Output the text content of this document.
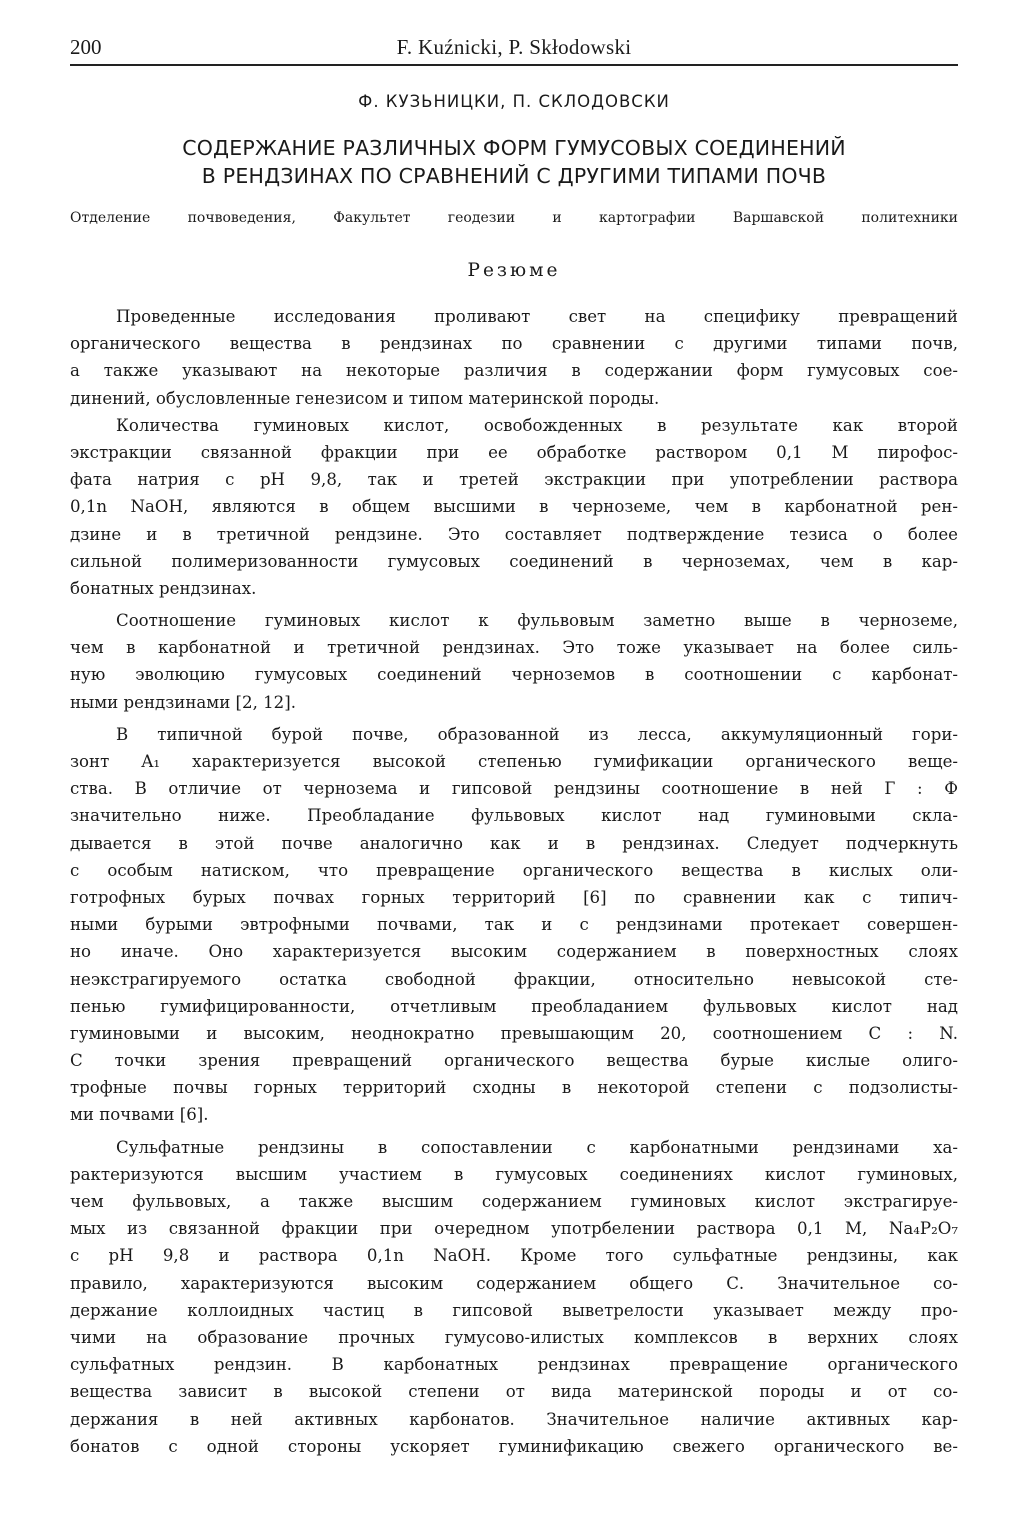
200	F. Kuźnicki, P. Skłodowski
Ф. КУЗЬНИЦКИ, П. СКЛОДОВСКИ
СОДЕРЖАНИЕ РАЗЛИЧНЫХ ФОРМ ГУМУСОВЫХ СОЕДИНЕНИЙ
В РЕНДЗИНАХ ПО СРАВНЕНИЙ С ДРУГИМИ ТИПАМИ ПОЧВ
Отделение почвоведения, Факультет геодезии и картографии Варшавской политехники
Резюме
Проведенные исследования проливают свет на специфику превращений
органического вещества в рендзинах по сравнении с другими типами почв,
а также указывают на некоторые различия в содержании форм гумусовых сое-
динений, обусловленные генезисом и типом материнской породы.
Количества гуминовых кислот, освобожденных в результате как второй
экстракции связанной фракции при ее обработке раствором 0,1 М пирофос-
фата натрия с pH 9,8, так и третей экстракции при употреблении раствора
0,1n NaOH, являются в общем высшими в черноземе, чем в карбонатной рен-
дзине и в третичной рендзине. Это составляет подтверждение тезиса о более
сильной полимеризованности гумусовых соединений в черноземах, чем в кар-
бонатных рендзинах.
Соотношение гуминовых кислот к фульвовым заметно выше в черноземе,
чем в карбонатной и третичной рендзинах. Это тоже указывает на более силь-
ную эволюцию гумусовых соединений черноземов в соотношении с карбонат-
ными рендзинами [2, 12].
В типичной бурой почве, образованной из лесса, аккумуляционный гори-
зонт A₁ характеризуется высокой степенью гумификации органического веще-
ства. В отличие от чернозема и гипсовой рендзины соотношение в ней Г : Ф
значительно ниже. Преобладание фульвовых кислот над гуминовыми скла-
дывается в этой почве аналогично как и в рендзинах. Следует подчеркнуть
с особым натиском, что превращение органического вещества в кислых оли-
готрофных бурых почвах горных территорий [6] по сравнении как с типич-
ными бурыми эвтрофными почвами, так и с рендзинами протекает совершен-
но иначе. Оно характеризуется высоким содержанием в поверхностных слоях
неэкстрагируемого остатка свободной фракции, относительно невысокой сте-
пенью гумифицированности, отчетливым преобладанием фульвовых кислот над
гуминовыми и высоким, неоднократно превышающим 20, соотношением C : N.
С точки зрения превращений органического вещества бурые кислые олиго-
трофные почвы горных территорий сходны в некоторой степени с подзолисты-
ми почвами [6].
Сульфатные рендзины в сопоставлении с карбонатными рендзинами ха-
рактеризуются высшим участием в гумусовых соединениях кислот гуминовых,
чем фульвовых, а также высшим содержанием гуминовых кислот экстрагируе-
мых из связанной фракции при очередном употрбелении раствора 0,1 М, Na₄P₂O₇
с pH 9,8 и раствора 0,1n NaOH. Кроме того сульфатные рендзины, как
правило, характеризуются высоким содержанием общего С. Значительное со-
держание коллоидных частиц в гипсовой выветрелости указывает между про-
чими на образование прочных гумусово-илистых комплексов в верхних слоях
сульфатных рендзин. В карбонатных рендзинах превращение органического
вещества зависит в высокой степени от вида материнской породы и от со-
держания в ней активных карбонатов. Значительное наличие активных кар-
бонатов с одной стороны ускоряет гуминификацию свежего органического ве-
